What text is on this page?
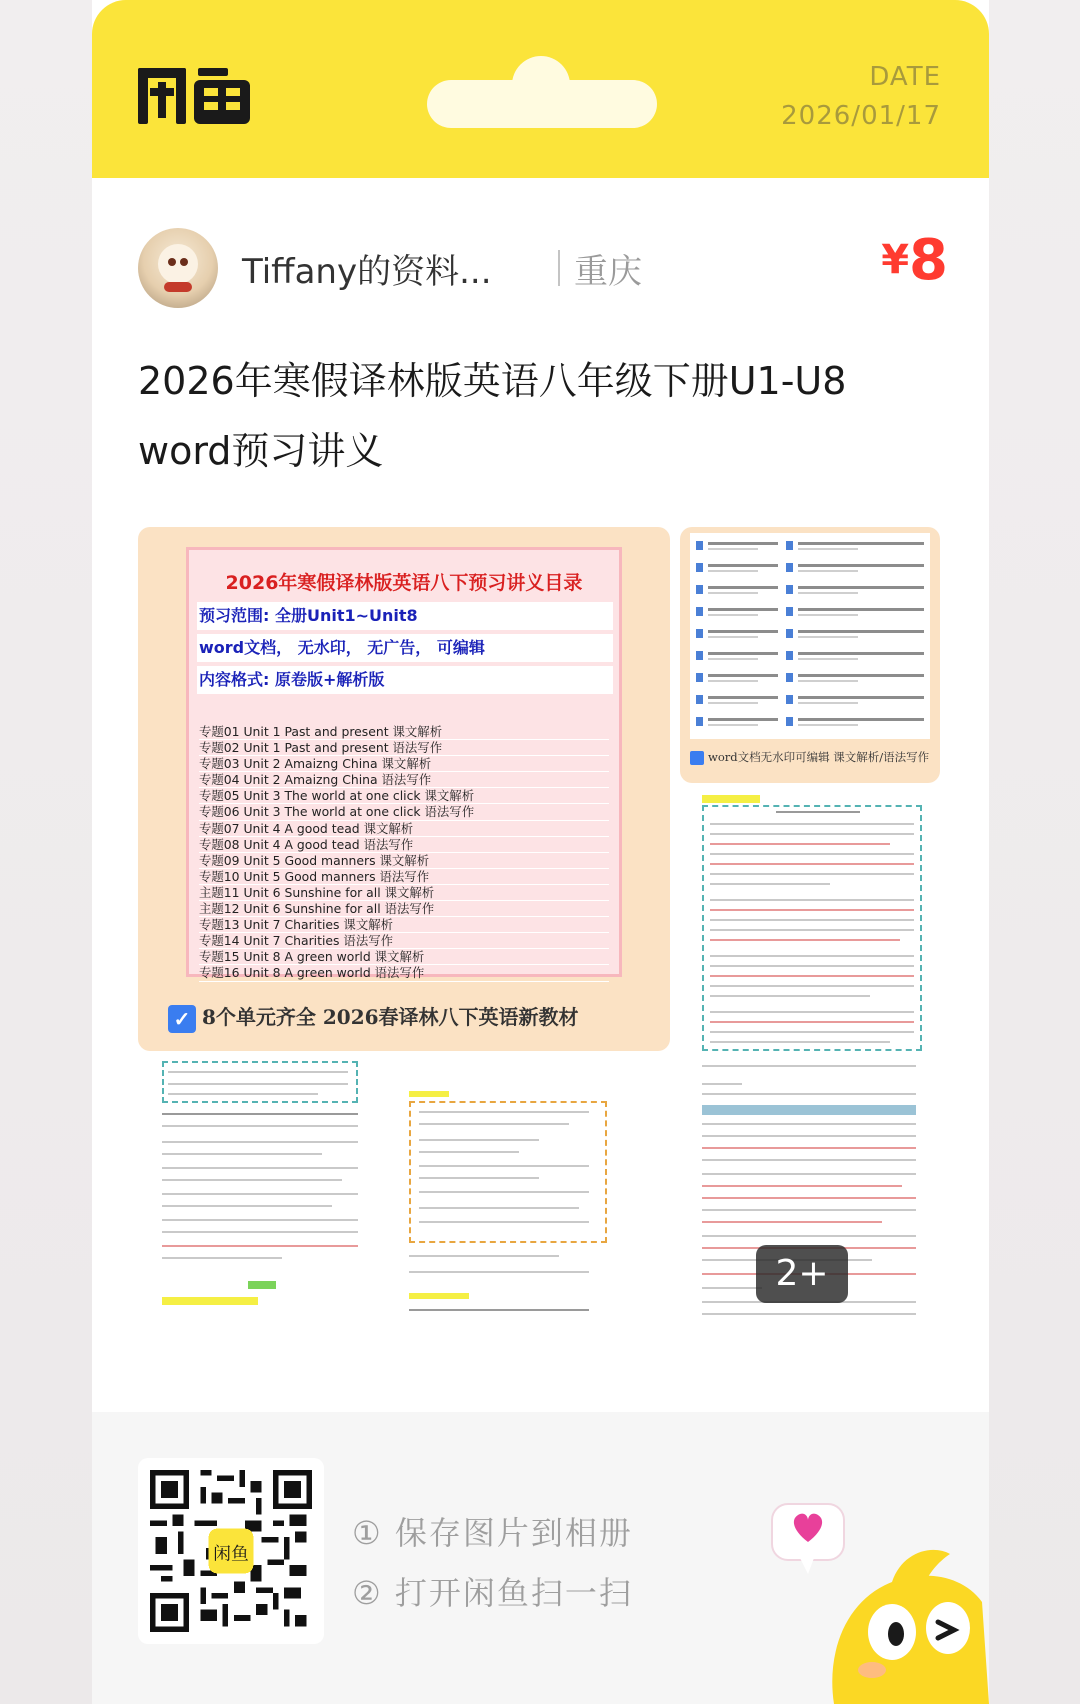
DATE
2026/01/17
Tiffany的资料... 重庆	¥8
2026年寒假译林版英语八年级下册U1-U8 word预习讲义
2026年寒假译林版英语八下预习讲义目录
预习范围: 全册Unit1~Unit8
word文档， 无水印， 无广告， 可编辑
内容格式: 原卷版+解析版
专题01 Unit 1 Past and present 课文解析
专题02 Unit 1 Past and present 语法写作
专题03 Unit 2 Amaizng China 课文解析
专题04 Unit 2 Amaizng China 语法写作
专题05 Unit 3 The world at one click 课文解析
专题06 Unit 3 The world at one click 语法写作
专题07 Unit 4 A good tead 课文解析
专题08 Unit 4 A good tead 语法写作
专题09 Unit 5 Good manners 课文解析
专题10 Unit 5 Good manners 语法写作
主题11 Unit 6 Sunshine for all 课文解析
主题12 Unit 6 Sunshine for all 语法写作
专题13 Unit 7 Charities 课文解析
专题14 Unit 7 Charities 语法写作
专题15 Unit 8 A green world 课文解析
专题16 Unit 8 A green world 语法写作
✓ 8个单元齐全 2026春译林八下英语新教材
word文档无水印可编辑 课文解析/语法写作
2+
闲鱼
① 保存图片到相册
② 打开闲鱼扫一扫
